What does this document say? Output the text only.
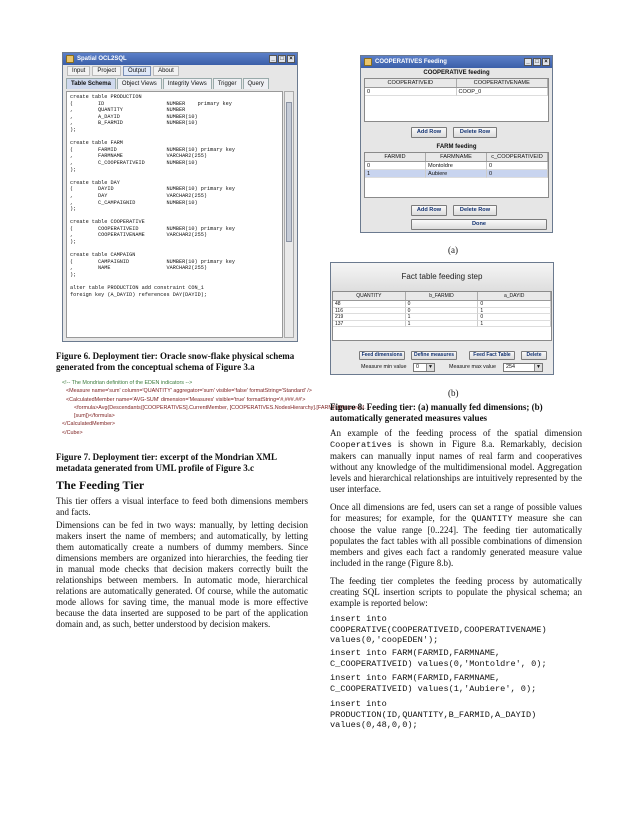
Spatial OCL2SQL	_ □ ×
Input	Project	Output	About
Table Schema	Object Views	Integrity Views	Trigger	Query
create table PRODUCTION
(        ID                    NUMBER    primary key
,        QUANTITY              NUMBER
,        A_DAYID               NUMBER(10)
,        B_FARMID              NUMBER(10)
);
create table FARM
(        FARMID                NUMBER(10) primary key
,        FARMNAME              VARCHAR2(255)
,        C_COOPERATIVEID       NUMBER(10)
);
create table DAY
(        DAYID                 NUMBER(10) primary key
,        DAY                   VARCHAR2(255)
,        C_CAMPAIGNID          NUMBER(10)
);
create table COOPERATIVE
(        COOPERATIVEID         NUMBER(10) primary key
,        COOPERATIVENAME       VARCHAR2(255)
);
create table CAMPAIGN
(        CAMPAIGNID            NUMBER(10) primary key
,        NAME                  VARCHAR2(255)
);
alter table PRODUCTION add constraint CON_1
foreign key (A_DAYID) references DAY(DAYID);
Figure 6. Deployment tier: Oracle snow-flake physical schema generated from the conceptual schema of Figure 3.a
<!-- The Mondrian definition of the EDEN indicators -->
<Measure name='sum' column='QUANTITY' aggregator='sum' visible='false' formatString='Standard' />
<CalculatedMember name='AVG-SUM' dimension='Measures' visible='true' formatString='#,###.##'>
<formula>Avg(Descendants([COOPERATIVES].CurrentMember, [COOPERATIVES.NodesHierarchy].[FARM]),[Measures].
[sum])</formula>
</CalculatedMember>
</Cube>
Figure 7. Deployment tier: excerpt of the Mondrian XML metadata generated from UML profile of Figure 3.c
The Feeding Tier
This tier offers a visual interface to feed both dimensions members and facts.
Dimensions can be fed in two ways: manually, by letting decision makers insert the name of members; and automatically, by letting them automatically create a numbers of dummy members. Since dimensions members are organized into hierarchies, the feeding tier in manual mode checks that decision makers correctly built the relationships between members. In automatic mode, hierarchical relations are automatically generated. Of course, while the automatic mode allows for saving time, the manual mode is more effective because the data inserted are supposed to be part of the application domain and, as such, better understood by decision makers.
COOPERATIVES Feeding	_ □ ×
COOPERATIVE feeding
COOPERATIVEID	COOPERATIVENAME
0	COOP_0
Add Row	Delete Row
FARM feeding
FARMID	FARMNAME	c_COOPERATIVEID
0	Montoldre	0
1	Aubiere	0
Add Row	Delete Row
Done
(a)
Fact table feeding step
QUANTITY	b_FARMID	a_DAYID
48	0	0
116	0	1
219	1	0
137	1	1
Feed dimensions	Define measures	Feed Fact Table	Delete
Measure min value	0	▼	Measure max value	254	▼
(b)
Figure 8. Feeding tier: (a) manually fed dimensions; (b) automatically generated measures values
An example of the feeding process of the spatial dimension Cooperatives is shown in Figure 8.a. Remarkably, decision makers can manually input names of real farm and cooperatives without any knowledge of the multidimensional model. Aggregation levels and hierarchical relationships are intuitively represented by the user interface.
Once all dimensions are fed, users can set a range of possible values for measures; for example, for the QUANTITY measure she can choose the value range [0..224]. The feeding tier automatically populates the fact tables with all possible combinations of dimension members and gives each fact a randomly generated measure value included in the range (Figure 8.b).
The feeding tier completes the feeding process by automatically creating SQL insertion scripts to populate the physical schema; an example is reported below:
insert into
COOPERATIVE(COOPERATIVEID,COOPERATIVENAME)
values(0,'coopEDEN');
insert into FARM(FARMID,FARMNAME,
C_COOPERATIVEID) values(0,'Montoldre', 0);
insert into FARM(FARMID,FARMNAME,
C_COOPERATIVEID) values(1,'Aubiere', 0);
insert into
PRODUCTION(ID,QUANTITY,B_FARMID,A_DAYID)
values(0,48,0,0);
